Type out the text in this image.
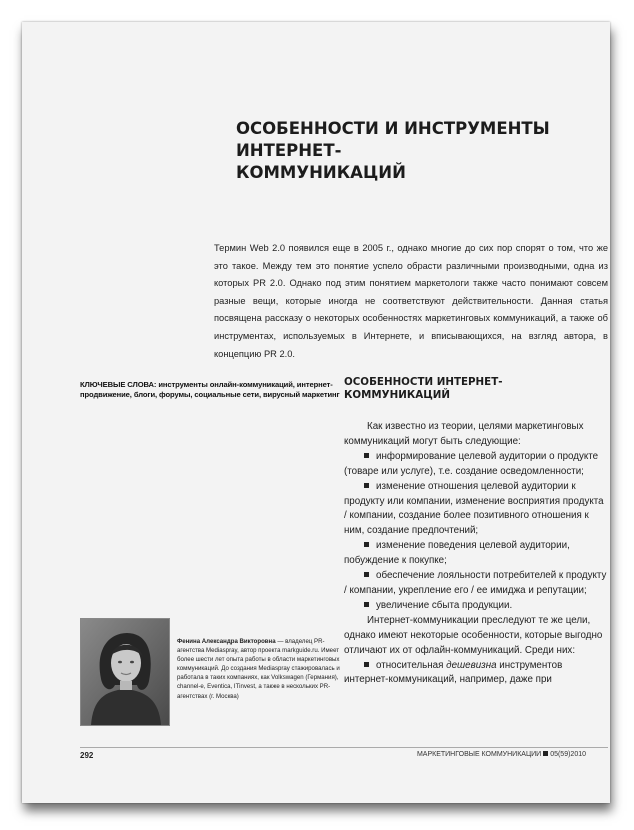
ОСОБЕННОСТИ И ИНСТРУМЕНТЫ ИНТЕРНЕТ-
КОММУНИКАЦИЙ

Термин Web 2.0 появился еще в 2005 г., однако многие до сих пор спорят о том, что же это такое. Между тем это понятие успело обрасти различными производными, одна из которых PR 2.0. Однако под этим понятием маркетологи также часто понимают совсем разные вещи, которые иногда не соответствуют действительности. Данная статья посвящена рассказу о некоторых особенностях маркетинговых коммуникаций, а также об инструментах, используемых в Интернете, и вписывающихся, на взгляд автора, в концепцию PR 2.0.

КЛЮЧЕВЫЕ СЛОВА: инструменты онлайн-коммуникаций, интернет-продвижение, блоги, форумы, социальные сети, вирусный маркетинг

ОСОБЕННОСТИ ИНТЕРНЕТ-
КОММУНИКАЦИЙ

Как известно из теории, целями маркетинговых коммуникаций могут быть следующие:

информирование целевой аудитории о продукте (товаре или услуге), т.е. создание осведомленности;

изменение отношения целевой аудитории к продукту или компании, изменение восприятия продукта / компании, создание более позитивного отношения к ним, создание предпочтений;

изменение поведения целевой аудитории, побуждение к покупке;

обеспечение лояльности потребителей к продукту / компании, укрепление его / ее имиджа и репутации;

увеличение сбыта продукции.

Интернет-коммуникации преследуют те же цели, однако имеют некоторые особенности, которые выгодно отличают их от офлайн-коммуникаций. Среди них:

относительная дешевизна инструментов интернет-коммуникаций, например, даже при

Фенина Александра Викторовна — владелец PR-агентства Mediaspray, автор проекта markguide.ru. Имеет более шести лет опыта работы в области маркетинговых коммуникаций. До создания Mediaspray стажировалась и работала в таких компаниях, как Volkswagen (Германия), channel-e, Eventica, ITinvest, а также в нескольких PR-агентствах (г. Москва)

292	МАРКЕТИНГОВЫЕ КОММУНИКАЦИИ 05(59)2010
